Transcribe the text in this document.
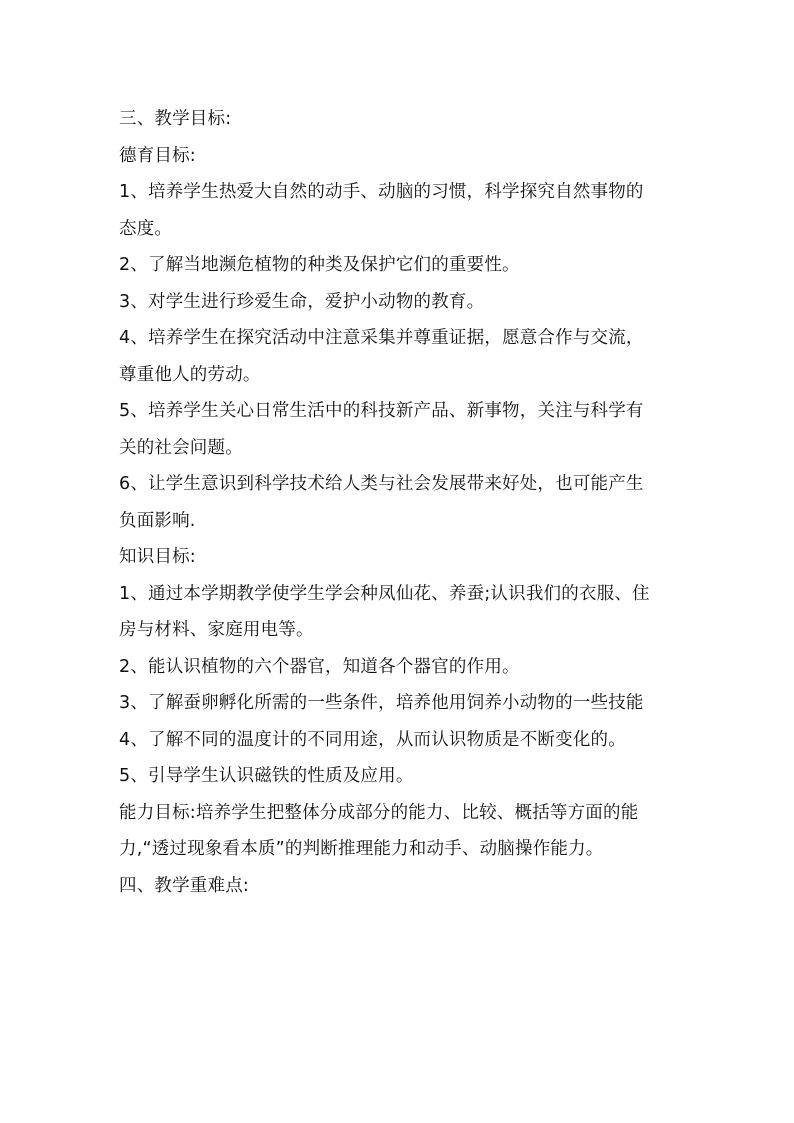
三、教学目标:

德育目标:

1、培养学生热爱大自然的动手、动脑的习惯，科学探究自然事物的

态度。

2、了解当地濒危植物的种类及保护它们的重要性。

3、对学生进行珍爱生命，爱护小动物的教育。

4、培养学生在探究活动中注意采集并尊重证据，愿意合作与交流，

尊重他人的劳动。

5、培养学生关心日常生活中的科技新产品、新事物，关注与科学有

关的社会问题。

6、让学生意识到科学技术给人类与社会发展带来好处，也可能产生

负面影响.

知识目标:

1、通过本学期教学使学生学会种凤仙花、养蚕;认识我们的衣服、住

房与材料、家庭用电等。

2、能认识植物的六个器官，知道各个器官的作用。

3、了解蚕卵孵化所需的一些条件，培养他用饲养小动物的一些技能

4、了解不同的温度计的不同用途，从而认识物质是不断变化的。

5、引导学生认识磁铁的性质及应用。

能力目标:培养学生把整体分成部分的能力、比较、概括等方面的能

力,“透过现象看本质”的判断推理能力和动手、动脑操作能力。

四、教学重难点:
